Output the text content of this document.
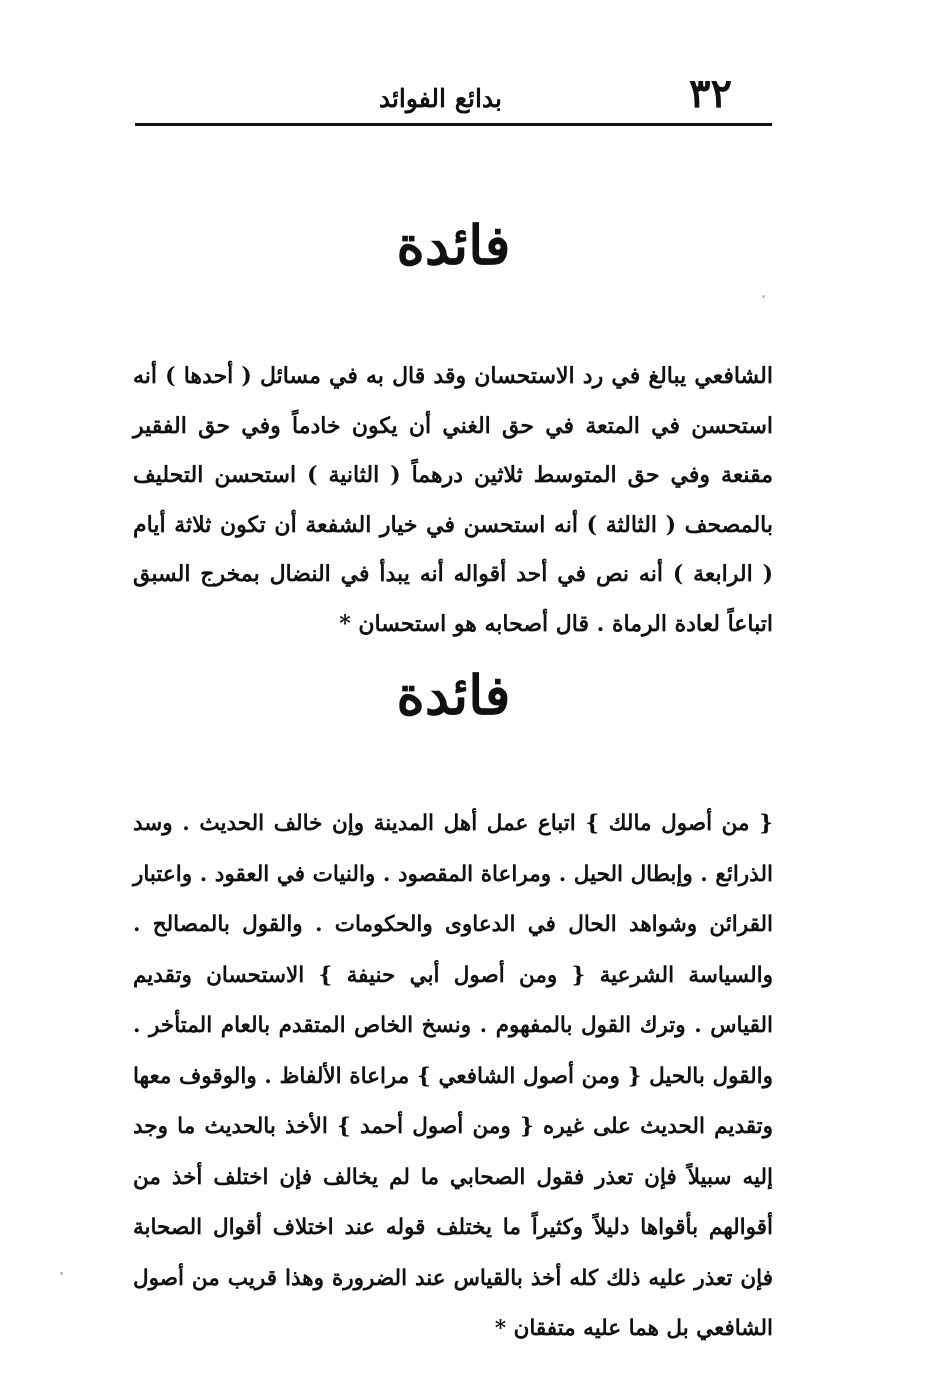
٣٢
بدائع الفوائد
فائدة

الشافعي يبالغ في رد الاستحسان وقد قال به في مسائل ( أحدها ) أنه استحسن في المتعة في حق الغني أن يكون خادماً وفي حق الفقير مقنعة وفي حق المتوسط ثلاثين درهماً ( الثانية ) استحسن التحليف بالمصحف ( الثالثة ) أنه استحسن في خيار الشفعة أن تكون ثلاثة أيام ( الرابعة ) أنه نص في أحد أقواله أنه يبدأ في النضال بمخرج السبق اتباعاً لعادة الرماة . قال أصحابه هو استحسان *

فائدة

{ من أصول مالك } اتباع عمل أهل المدينة وإن خالف الحديث . وسد الذرائع . وإبطال الحيل . ومراعاة المقصود . والنيات في العقود . واعتبار القرائن وشواهد الحال في الدعاوى والحكومات . والقول بالمصالح . والسياسة الشرعية { ومن أصول أبي حنيفة } الاستحسان وتقديم القياس . وترك القول بالمفهوم . ونسخ الخاص المتقدم بالعام المتأخر . والقول بالحيل { ومن أصول الشافعي } مراعاة الألفاظ . والوقوف معها وتقديم الحديث على غيره { ومن أصول أحمد } الأخذ بالحديث ما وجد إليه سبيلاً فإن تعذر فقول الصحابي ما لم يخالف فإن اختلف أخذ من أقوالهم بأقواها دليلاً وكثيراً ما يختلف قوله عند اختلاف أقوال الصحابة فإن تعذر عليه ذلك كله أخذ بالقياس عند الضرورة وهذا قريب من أصول الشافعي بل هما عليه متفقان *
